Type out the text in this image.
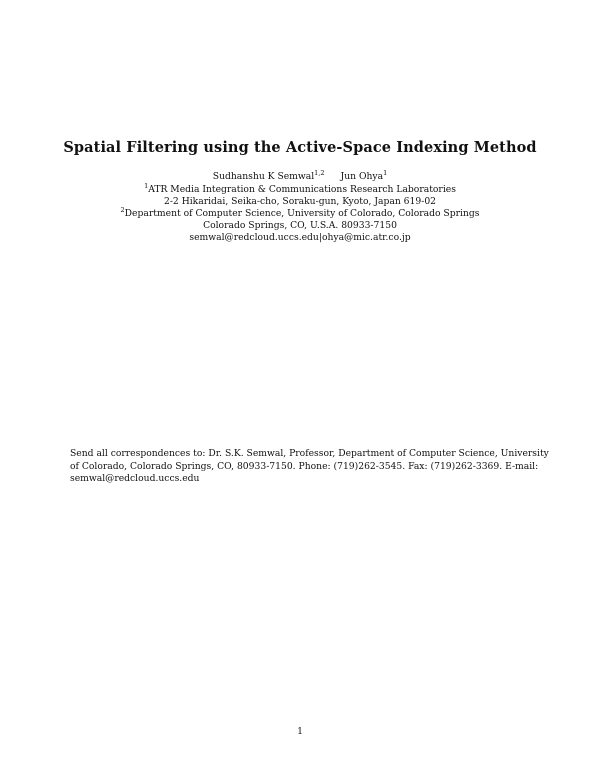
Spatial Filtering using the Active-Space Indexing Method
Sudhanshu K Semwal$^{1,2}$ Jun Ohya$^1$
$^1$ATR Media Integration & Communications Research Laboratories
2-2 Hikaridai, Seika-cho, Soraku-gun, Kyoto, Japan 619-02
$^2$Department of Computer Science, University of Colorado, Colorado Springs
Colorado Springs, CO, U.S.A. 80933-7150
semwal@redcloud.uccs.edu|ohya@mic.atr.co.jp
Send all correspondences to: Dr. S.K. Semwal, Professor, Department of Computer Science, University
of Colorado, Colorado Springs, CO, 80933-7150. Phone: (719)262-3545. Fax: (719)262-3369. E-mail:
semwal@redcloud.uccs.edu
1
